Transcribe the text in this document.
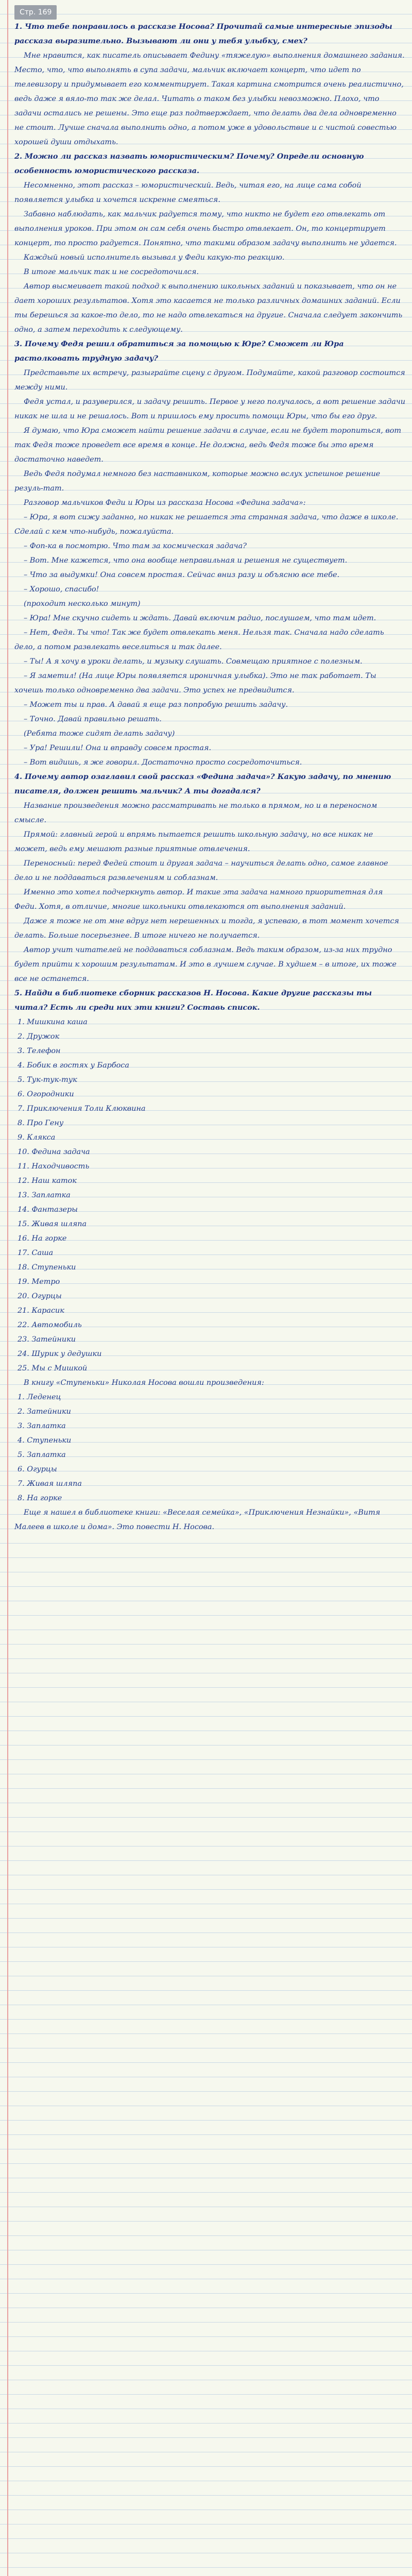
Стр. 169
1. Что тебе понравилось в рассказе Носова? Прочитай самые интересные эпизоды рассказа выразительно. Вызывают ли они у тебя улыбку, смех?
Мне нравится, как писатель описывает Федину «тяжелую» выполнения домашнего задания. Место, что, что выполнять в супа задачи, мальчик включает концерт, что идет по телевизору и придумывает его комментирует. Такая картина смотрится очень реалистично, ведь даже я вяло-то так же делал. Читать о таком без улыбки невозможно. Плохо, что задачи остались не решены. Это еще раз подтверждает, что делать два дела одновременно не стоит. Лучше сначала выполнить одно, а потом уже в удовольствие и с чистой совестью хорошей души отдыхать.
2. Можно ли рассказ назвать юмористическим? Почему? Определи основную особенность юмористического рассказа.
Несомненно, этот рассказ – юмористический. Ведь, читая его, на лице сама собой появляется улыбка и хочется искренне смеяться.
Забавно наблюдать, как мальчик радуется тому, что никто не будет его отвлекать от выполнения уроков. При этом он сам себя очень быстро отвлекает. Он, то концертирует концерт, то просто радуется. Понятно, что такими образом задачу выполнить не удается.
Каждый новый исполнитель вызывал у Феди какую-то реакцию.
В итоге мальчик так и не сосредоточился.
Автор высмеивает такой подход к выполнению школьных заданий и показывает, что он не дает хороших результатов. Хотя это касается не только различных домашних заданий. Если ты берешься за какое-то дело, то не надо отвлекаться на другие. Сначала следует закончить одно, а затем переходить к следующему.
3. Почему Федя решил обратиться за помощью к Юре? Сможет ли Юра растолковать трудную задачу?
Представьте их встречу, разыграйте сцену с другом. Подумайте, какой разговор состоится между ними.
Федя устал, и разуверился, и задачу решить. Первое у него получалось, а вот решение задачи никак не шла и не решалось. Вот и пришлось ему просить помощи Юры, что бы его друг.
Я думаю, что Юра сможет найти решение задачи в случае, если не будет торопиться, вот так Федя тоже проведет все время в конце. Не должна, ведь Федя тоже бы это время достаточно наведет.
Ведь Федя подумал немного без наставником, которые можно вслух успешное решение резуль-тат.
Разговор мальчиков Феди и Юры из рассказа Носова «Федина задача»:
– Юра, я вот сижу заданно, но никак не решается эта странная задача, что даже в школе. Сделай с кем что-нибудь, пожалуйста.
– Фоп-ка в посмотрю. Что там за космическая задача?
– Вот. Мне кажется, что она вообще неправильная и решения не существует.
– Что за выдумки! Она совсем простая. Сейчас вниз разу и объясню все тебе.
– Хорошо, спасибо!
(проходит несколько минут)
– Юра! Мне скучно сидеть и ждать. Давай включим радио, послушаем, что там идет.
– Нет, Федя. Ты что! Так же будет отвлекать меня. Нельзя так. Сначала надо сделать дело, а потом развлекать веселиться и так далее.
– Ты! А я хочу в уроки делать, и музыку слушать. Совмещаю приятное с полезным.
– Я заметил! (На лице Юры появляется ироничная улыбка). Это не так работает. Ты хочешь только одновременно два задачи. Это успех не предвидится.
– Может ты и прав. А давай я еще раз попробую решить задачу.
– Точно. Давай правильно решать.
(Ребята тоже сидят делать задачу)
– Ура! Решили! Она и вправду совсем простая.
– Вот видишь, я же говорил. Достаточно просто сосредоточиться.
4. Почему автор озаглавил свой рассказ «Федина задача»? Какую задачу, по мнению писателя, должен решить мальчик? А ты догадался?
Название произведения можно рассматривать не только в прямом, но и в переносном смысле.
Прямой: главный герой и впрямь пытается решить школьную задачу, но все никак не может, ведь ему мешают разные приятные отвлечения.
Переносный: перед Федей стоит и другая задача – научиться делать одно, самое главное дело и не поддаваться развлечениям и соблазнам.
Именно это хотел подчеркнуть автор. И такие эта задача намного приоритетная для Феди. Хотя, в отличие, многие школьники отвлекаются от выполнения заданий.
Даже я тоже не от мне вдруг нет нерешенных и тогда, я успеваю, в тот момент хочется делать. Больше посерьезнее. В итоге ничего не получается.
Автор учит читателей не поддаваться соблазнам. Ведь таким образом, из-за них трудно будет прийти к хорошим результатам. И это в лучшем случае. В худшем – в итоге, их тоже все не останется.
5. Найди в библиотеке сборник рассказов Н. Носова. Какие другие рассказы ты читал? Есть ли среди них эти книги? Составь список.
1. Мишкина каша
2. Дружок
3. Телефон
4. Бобик в гостях у Барбоса
5. Тук-тук-тук
6. Огородники
7. Приключения Толи Клюквина
8. Про Гену
9. Клякса
10. Федина задача
11. Находчивость
12. Наш каток
13. Заплатка
14. Фантазеры
15. Живая шляпа
16. На горке
17. Саша
18. Ступеньки
19. Метро
20. Огурцы
21. Карасик
22. Автомобиль
23. Затейники
24. Шурик у дедушки
25. Мы с Мишкой
В книгу «Ступеньки» Николая Носова вошли произведения:
1. Леденец
2. Затейники
3. Заплатка
4. Ступеньки
5. Заплатка
6. Огурцы
7. Живая шляпа
8. На горке
Еще я нашел в библиотеке книги: «Веселая семейка», «Приключения Незнайки», «Витя Малеев в школе и дома». Это повести Н. Носова.
